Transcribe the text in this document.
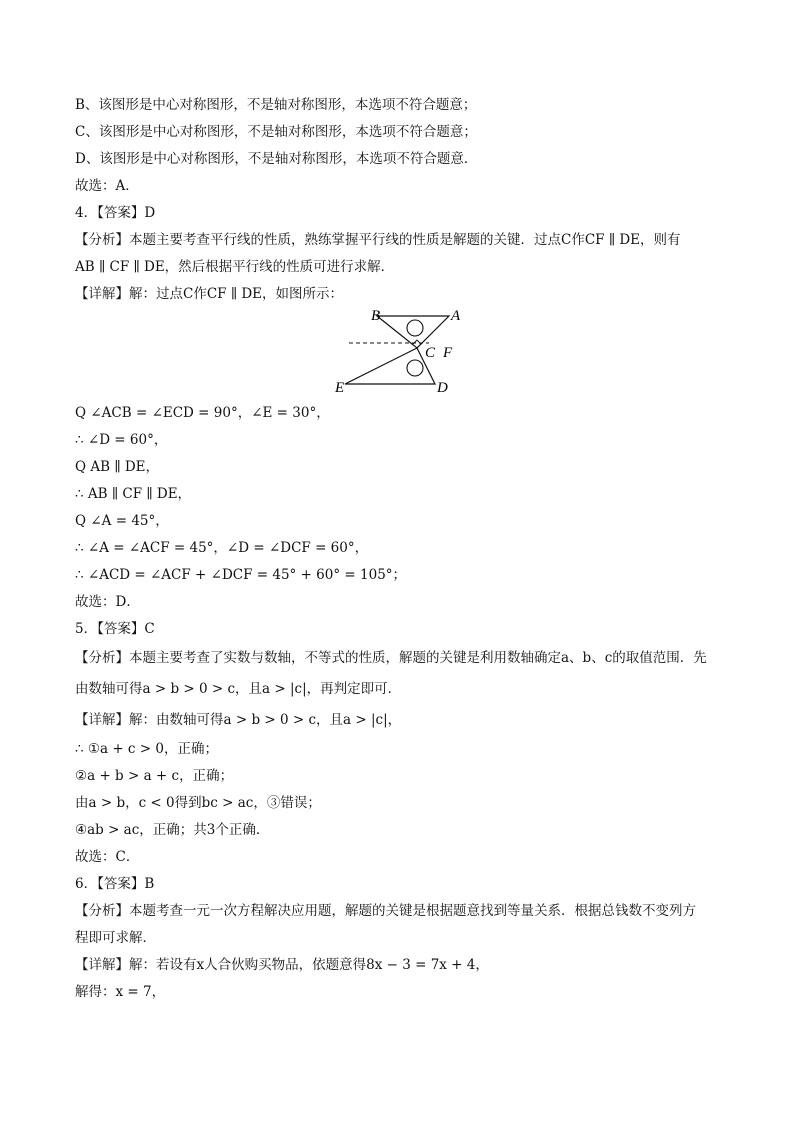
B、该图形是中心对称图形，不是轴对称图形，本选项不符合题意；
C、该图形是中心对称图形，不是轴对称图形，本选项不符合题意；
D、该图形是中心对称图形，不是轴对称图形，本选项不符合题意．
故选：A．
4．【答案】D
【分析】本题主要考查平行线的性质，熟练掌握平行线的性质是解题的关键．过点C作CF ∥ DE，则有
AB ∥ CF ∥ DE，然后根据平行线的性质可进行求解．
【详解】解：过点C作CF ∥ DE，如图所示：
B	A
C F
E	D
Q ∠ACB = ∠ECD = 90°，∠E = 30°，
∴ ∠D = 60°，
Q AB ∥ DE，
∴ AB ∥ CF ∥ DE，
Q ∠A = 45°，
∴ ∠A = ∠ACF = 45°，∠D = ∠DCF = 60°，
∴ ∠ACD = ∠ACF + ∠DCF = 45° + 60° = 105°；
故选：D．
5．【答案】C
【分析】本题主要考查了实数与数轴，不等式的性质，解题的关键是利用数轴确定a、b、c的取值范围．先
由数轴可得a > b > 0 > c，且a > |c|，再判定即可．
【详解】解：由数轴可得a > b > 0 > c，且a > |c|，
∴ ①a + c > 0，正确；
②a + b > a + c，正确；
由a > b，c < 0得到bc > ac，③错误；
④ab > ac，正确；共3个正确．
故选：C．
6．【答案】B
【分析】本题考查一元一次方程解决应用题，解题的关键是根据题意找到等量关系．根据总钱数不变列方
程即可求解．
【详解】解：若设有x人合伙购买物品，依题意得8x − 3 = 7x + 4，
解得：x = 7，
